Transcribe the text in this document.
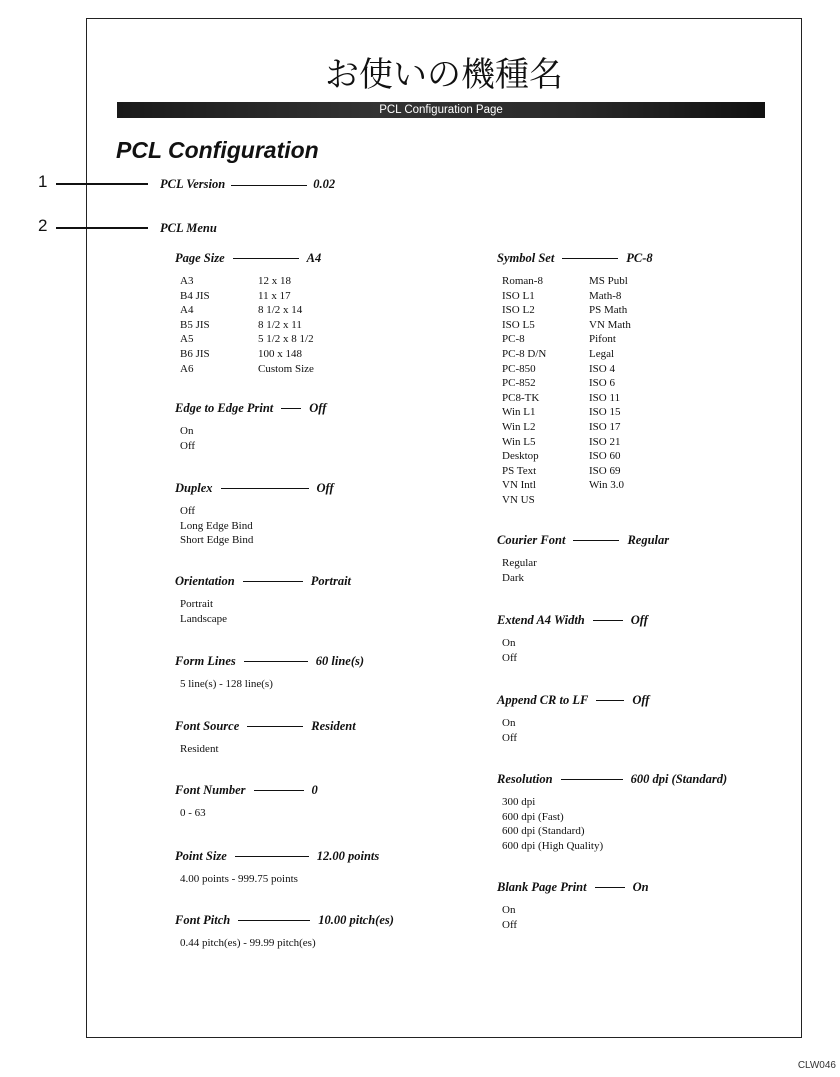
お使いの機種名
PCL Configuration Page
PCL Configuration
PCL Version	0.02
PCL Menu
Page Size	A4
A3	12 x 18
B4 JIS	11 x 17
A4	8 1/2 x 14
B5 JIS	8 1/2 x 11
A5	5 1/2 x 8 1/2
B6 JIS	100 x 148
A6	Custom Size
Edge to Edge Print	Off
On
Off
Duplex	Off
Off
Long Edge Bind
Short Edge Bind
Orientation	Portrait
Portrait
Landscape
Form Lines	60 line(s)
5 line(s) - 128 line(s)
Font Source	Resident
Resident
Font Number	0
0 - 63
Point Size	12.00 points
4.00 points - 999.75 points
Font Pitch	10.00 pitch(es)
0.44 pitch(es) - 99.99 pitch(es)
Symbol Set	PC-8
Roman-8	MS Publ
ISO L1	Math-8
ISO L2	PS Math
ISO L5	VN Math
PC-8	Pifont
PC-8 D/N	Legal
PC-850	ISO 4
PC-852	ISO 6
PC8-TK	ISO 11
Win L1	ISO 15
Win L2	ISO 17
Win L5	ISO 21
Desktop	ISO 60
PS Text	ISO 69
VN Intl	Win 3.0
VN US
Courier Font	Regular
Regular
Dark
Extend A4 Width	Off
On
Off
Append CR to LF	Off
On
Off
Resolution	600 dpi (Standard)
300 dpi
600 dpi (Fast)
600 dpi (Standard)
600 dpi (High Quality)
Blank Page Print	On
On
Off
1
2
CLW046
